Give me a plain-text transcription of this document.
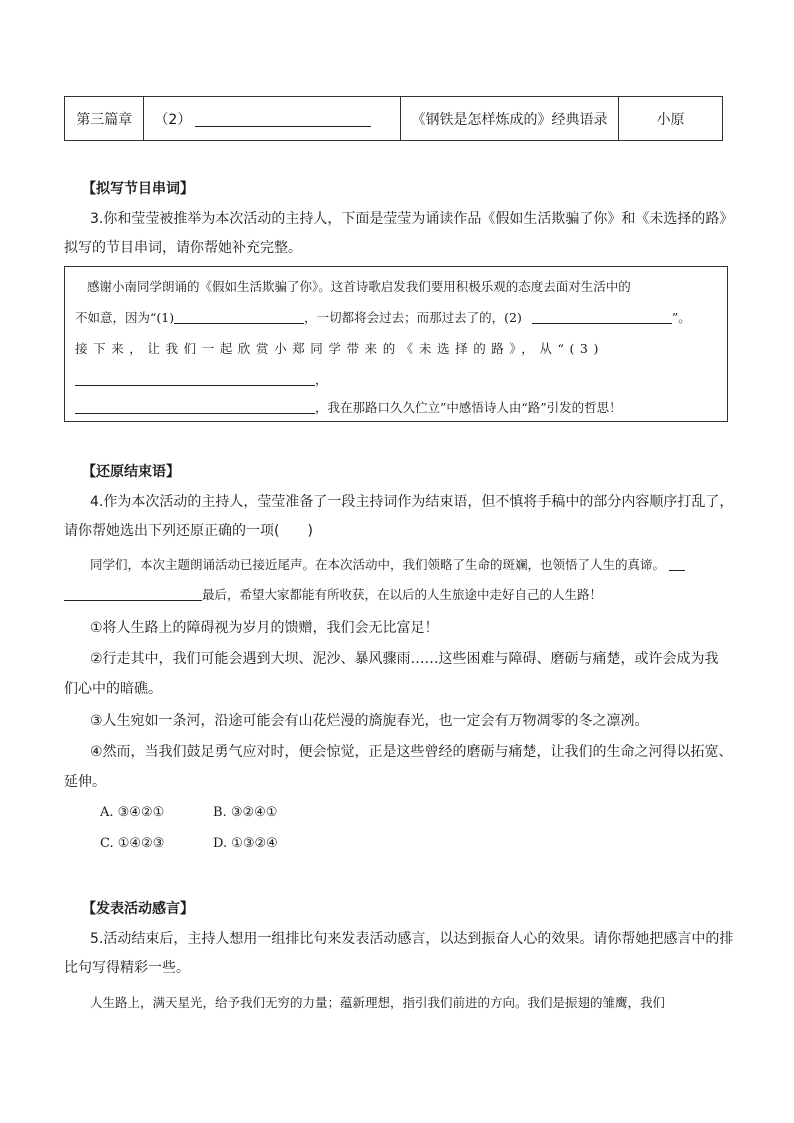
第三篇章	（2）	《钢铁是怎样炼成的》经典语录	小原
【拟写节目串词】
3.你和莹莹被推举为本次活动的主持人，下面是莹莹为诵读作品《假如生活欺骗了你》和《未选择的路》
拟写的节目串词，请你帮她补充完整。
感谢小南同学朗诵的《假如生活欺骗了你》。这首诗歌启发我们要用积极乐观的态度去面对生活中的
不如意，因为“(1)	，一切都将会过去；而那过去了的，(2)	”。
接下来，让我们一起欣赏小郑同学带来的《未选择的路》，从“(3)
，
，我在那路口久久伫立”中感悟诗人由“路”引发的哲思！
【还原结束语】
4.作为本次活动的主持人，莹莹准备了一段主持词作为结束语，但不慎将手稿中的部分内容顺序打乱了，
请你帮她选出下列还原正确的一项(　　)
同学们，本次主题朗诵活动已接近尾声。在本次活动中，我们领略了生命的斑斓，也领悟了人生的真谛。
最后，希望大家都能有所收获，在以后的人生旅途中走好自己的人生路！
①将人生路上的障碍视为岁月的馈赠，我们会无比富足！
②行走其中，我们可能会遇到大坝、泥沙、暴风骤雨……这些困难与障碍、磨砺与痛楚，或许会成为我
们心中的暗礁。
③人生宛如一条河，沿途可能会有山花烂漫的旖旎春光，也一定会有万物凋零的冬之凛冽。
④然而，当我们鼓足勇气应对时，便会惊觉，正是这些曾经的磨砺与痛楚，让我们的生命之河得以拓宽、
延伸。
A. ③④②①	B. ③②④①
C. ①④②③	D. ①③②④
【发表活动感言】
5.活动结束后，主持人想用一组排比句来发表活动感言，以达到振奋人心的效果。请你帮她把感言中的排
比句写得精彩一些。
人生路上，满天星光，给予我们无穷的力量；蕴新理想，指引我们前进的方向。我们是振翅的雏鹰，我们
